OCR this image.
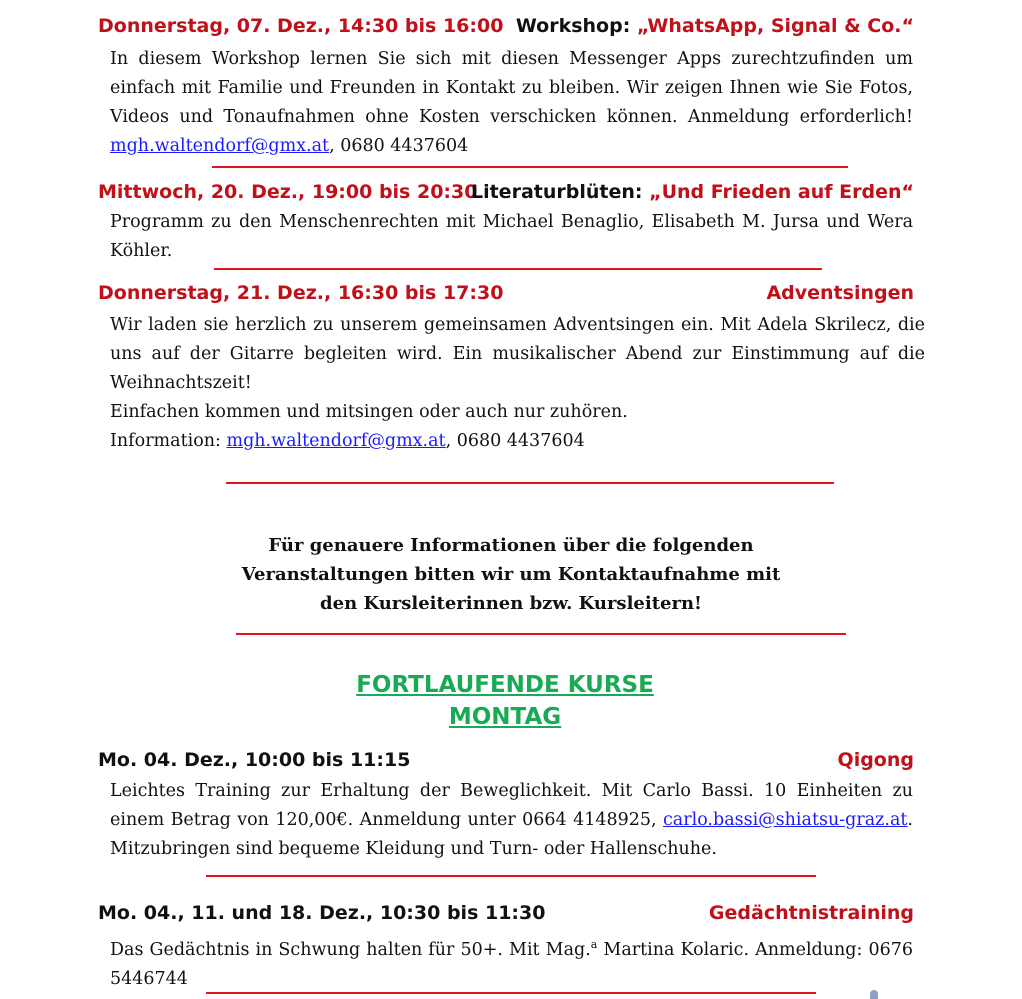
Donnerstag, 07. Dez., 14:30 bis 16:00 Workshop: „WhatsApp, Signal & Co.“

In diesem Workshop lernen Sie sich mit diesen Messenger Apps zurechtzufinden um einfach mit Familie und Freunden in Kontakt zu bleiben. Wir zeigen Ihnen wie Sie Fotos, Videos und Tonaufnahmen ohne Kosten verschicken können. Anmeldung erforderlich! mgh.waltendorf@gmx.at, 0680 4437604

Mittwoch, 20. Dez., 19:00 bis 20:30
Literaturblüten: „Und Frieden auf Erden“

Programm zu den Menschenrechten mit Michael Benaglio, Elisabeth M. Jursa und Wera Köhler.

Donnerstag, 21. Dez., 16:30 bis 17:30	Adventsingen

Wir laden sie herzlich zu unserem gemeinsamen Adventsingen ein. Mit Adela Skrilecz, die uns auf der Gitarre begleiten wird. Ein musikalischer Abend zur Einstimmung auf die Weihnachtszeit!

Einfachen kommen und mitsingen oder auch nur zuhören.

Information: mgh.waltendorf@gmx.at, 0680 4437604

Für genauere Informationen über die folgenden
Veranstaltungen bitten wir um Kontaktaufnahme mit
den Kursleiterinnen bzw. Kursleitern!
FORTLAUFENDE KURSE
MONTAG
Mo. 04. Dez., 10:00 bis 11:15	Qigong

Leichtes Training zur Erhaltung der Beweglichkeit. Mit Carlo Bassi. 10 Einheiten zu einem Betrag von 120,00€. Anmeldung unter 0664 4148925, carlo.bassi@shiatsu-graz.at. Mitzubringen sind bequeme Kleidung und Turn- oder Hallenschuhe.

Mo. 04., 11. und 18. Dez., 10:30 bis 11:30	Gedächtnistraining

Das Gedächtnis in Schwung halten für 50+. Mit Mag.$^a$ Martina Kolaric. Anmeldung: 0676 5446744
